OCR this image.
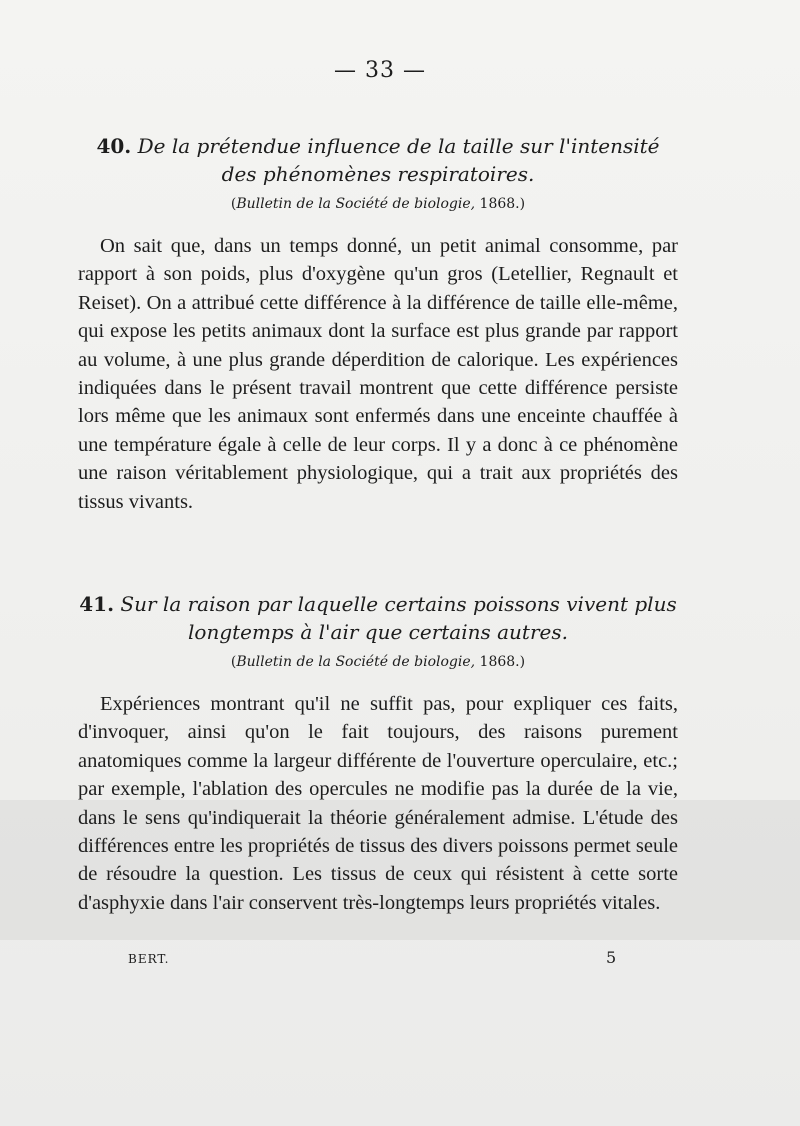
— 33 —
40. De la prétendue influence de la taille sur l'intensité des phénomènes respiratoires.
(Bulletin de la Société de biologie, 1868.)
On sait que, dans un temps donné, un petit animal consomme, par rapport à son poids, plus d'oxygène qu'un gros (Letellier, Regnault et Reiset). On a attribué cette différence à la différence de taille elle-même, qui expose les petits animaux dont la surface est plus grande par rapport au volume, à une plus grande déperdition de calorique. Les expériences indiquées dans le présent travail montrent que cette différence persiste lors même que les animaux sont enfermés dans une enceinte chauffée à une température égale à celle de leur corps. Il y a donc à ce phénomène une raison véritablement physiologique, qui a trait aux propriétés des tissus vivants.
41. Sur la raison par laquelle certains poissons vivent plus longtemps à l'air que certains autres.
(Bulletin de la Société de biologie, 1868.)
Expériences montrant qu'il ne suffit pas, pour expliquer ces faits, d'invoquer, ainsi qu'on le fait toujours, des raisons purement anatomiques comme la largeur différente de l'ouverture operculaire, etc.; par exemple, l'ablation des opercules ne modifie pas la durée de la vie, dans le sens qu'indiquerait la théorie généralement admise. L'étude des différences entre les propriétés de tissus des divers poissons permet seule de résoudre la question. Les tissus de ceux qui résistent à cette sorte d'asphyxie dans l'air conservent très-longtemps leurs propriétés vitales.
BERT.	5
